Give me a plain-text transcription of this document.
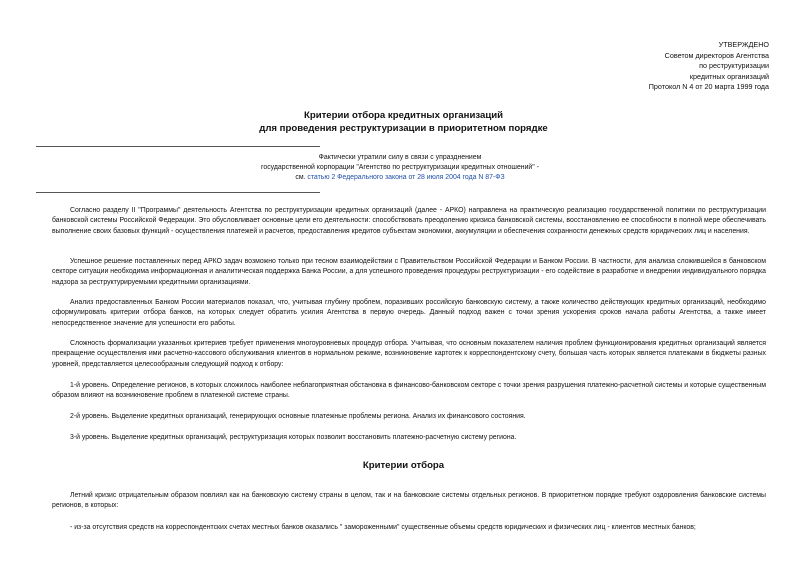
УТВЕРЖДЕНО
Советом директоров Агентства
по реструктуризации
кредитных организаций
Протокол N 4 от 20 марта 1999 года
Критерии отбора кредитных организаций
для проведения реструктуризации в приоритетном порядке
Фактически утратили силу в связи с упразднением
государственной корпорации "Агентство по реструктуризации кредитных отношений" -
см. статью 2 Федерального закона от 28 июля 2004 года N 87-ФЗ

Согласно разделу II "Программы" деятельность Агентства по реструктуризации кредитных организаций (далее - АРКО) направлена на практическую реализацию государственной политики по реструктуризации банковской системы Российской Федерации. Это обусловливает основные цели его деятельности: способствовать преодолению кризиса банковской системы, восстановлению ее способности в полной мере обеспечивать выполнение своих базовых функций - осуществления платежей и расчетов, предоставления кредитов субъектам экономики, аккумуляции и обеспечения сохранности денежных средств юридических лиц и населения.

Успешное решение поставленных перед АРКО задач возможно только при тесном взаимодействии с Правительством Российской Федерации и Банком России. В частности, для анализа сложившейся в банковском секторе ситуации необходима информационная и аналитическая поддержка Банка России, а для успешного проведения процедуры реструктуризации - его содействие в разработке и внедрении индивидуального порядка надзора за реструктурируемыми кредитными организациями.

Анализ предоставленных Банком России материалов показал, что, учитывая глубину проблем, поразивших российскую банковскую систему, а также количество действующих кредитных организаций, необходимо сформулировать критерии отбора банков, на которых следует обратить усилия Агентства в первую очередь. Данный подход важен с точки зрения ускорения сроков начала работы Агентства, а также имеет непосредственное значение для успешности его работы.

Сложность формализации указанных критериев требует применения многоуровневых процедур отбора. Учитывая, что основным показателем наличия проблем функционирования кредитных организаций является прекращение осуществления ими расчетно-кассового обслуживания клиентов в нормальном режиме, возникновение картотек к корреспондентскому счету, большая часть которых является платежами в бюджеты разных уровней, представляется целесообразным следующий подход к отбору:

1-й уровень. Определение регионов, в которых сложилось наиболее неблагоприятная обстановка в финансово-банковском секторе с точки зрения разрушения платежно-расчетной системы и которые существенным образом влияют на возникновение проблем в платежной системе страны.

2-й уровень. Выделение кредитных организаций, генерирующих основные платежные проблемы региона. Анализ их финансового состояния.

3-й уровень. Выделение кредитных организаций, реструктуризация которых позволит восстановить платежно-расчетную систему региона.

Критерии отбора

Летний кризис отрицательным образом повлиял как на банковскую систему страны в целом, так и на банковские системы отдельных регионов. В приоритетном порядке требуют оздоровления банковские системы регионов, в которых:

- из-за отсутствия средств на корреспондентских счетах местных банков оказались " замороженными" существенные объемы средств юридических и физических лиц - клиентов местных банков;
